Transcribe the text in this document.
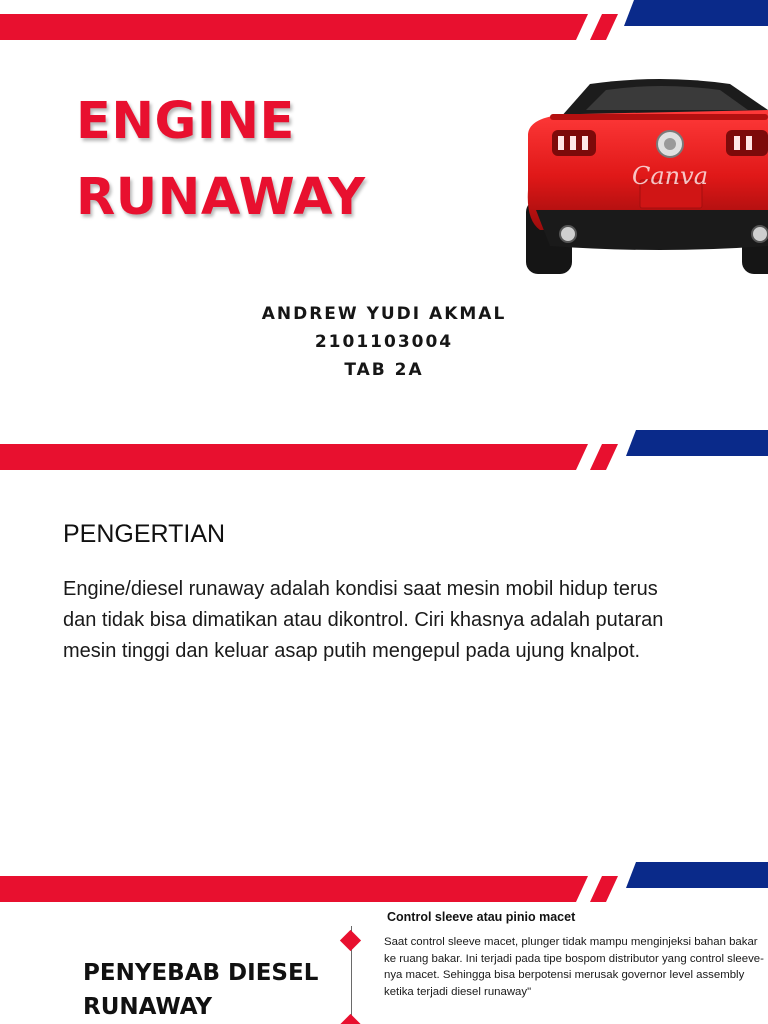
ENGINE
RUNAWAY	Canva
ANDREW YUDI AKMAL
2101103004
TAB 2A
PENGERTIAN

Engine/diesel runaway adalah kondisi saat mesin mobil hidup terus dan tidak bisa dimatikan atau dikontrol. Ciri khasnya adalah putaran mesin tinggi dan keluar asap putih mengepul pada ujung knalpot.

PENYEBAB DIESEL
RUNAWAY
Control sleeve atau pinio macet

Saat control sleeve macet, plunger tidak mampu menginjeksi bahan bakar ke ruang bakar. Ini terjadi pada tipe bospom distributor yang control sleeve-nya macet. Sehingga bisa berpotensi merusak governor level assembly ketika terjadi diesel runaway"
